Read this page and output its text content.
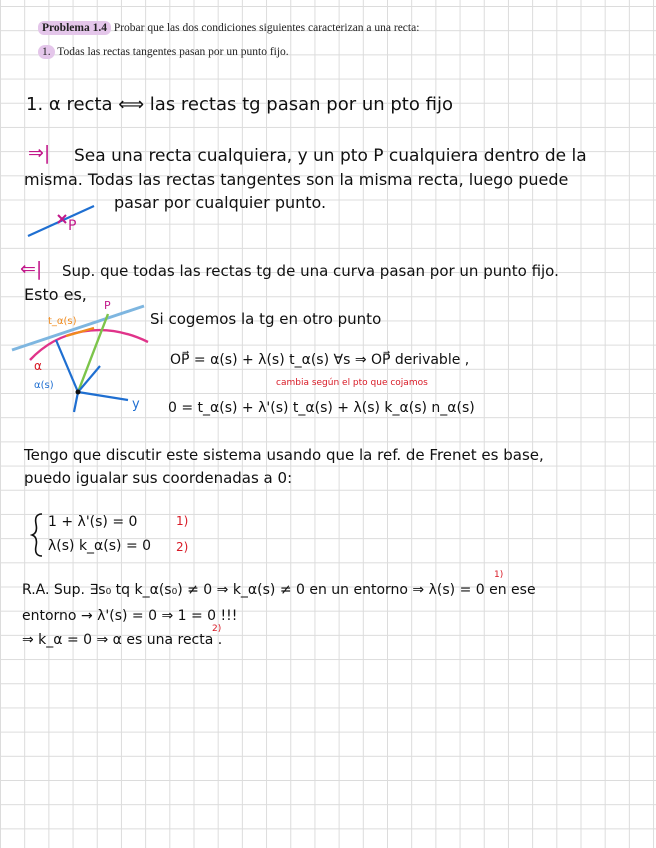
Problema 1.4 Probar que las dos condiciones siguientes caracterizan a una recta:
1. Todas las rectas tangentes pasan por un punto fijo.
1. α recta ⟺ las rectas tg pasan por un pto fijo
⇒| Sea una recta cualquiera, y un pto P cualquiera dentro de la
misma. Todas las rectas tangentes son la misma recta, luego puede
pasar por cualquier punto.
P
⇐| Sup. que todas las rectas tg de una curva pasan por un punto fijo.
Esto es,
t_α(s)
P
α
α(s)
y
Si cogemos la tg en otro punto
OP⃗ = α(s) + λ(s) t_α(s) ∀s ⇒ OP⃗ derivable ,
cambia según el pto que cojamos
0 = t_α(s) + λ'(s) t_α(s) + λ(s) k_α(s) n_α(s)
Tengo que discutir este sistema usando que la ref. de Frenet es base,
puedo igualar sus coordenadas a 0:
1 + λ'(s) = 0	1)
λ(s) k_α(s) = 0 2)
1)
R.A. Sup. ∃s₀ tq k_α(s₀) ≠ 0 ⇒ k_α(s) ≠ 0 en un entorno ⇒ λ(s) = 0 en ese
entorno → λ'(s) = 0 ⇒ 1 = 0 !!!
2)
⇒ k_α = 0 ⇒ α es una recta .
